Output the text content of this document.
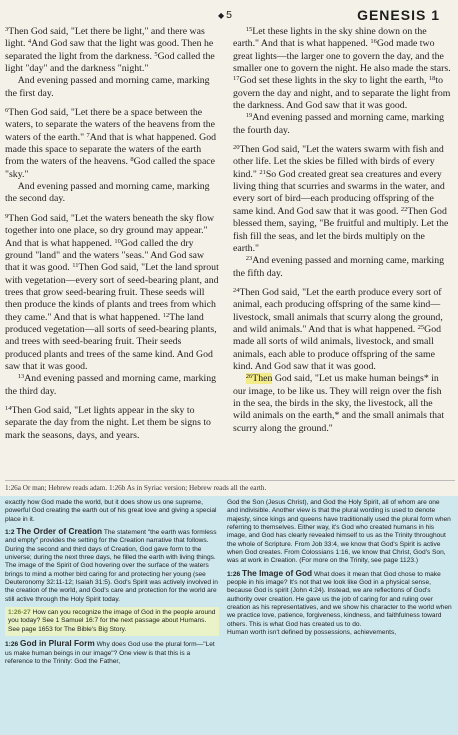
◆ 5	GENESIS 1

$^3$Then God said, "Let there be light," and there was light. $^4$And God saw that the light was good. Then he separated the light from the darkness. $^5$God called the light "day" and the darkness "night."

And evening passed and morning came, marking the first day.

$^6$Then God said, "Let there be a space between the waters, to separate the waters of the heavens from the waters of the earth." $^7$And that is what happened. God made this space to separate the waters of the earth from the waters of the heavens. $^8$God called the space "sky."

And evening passed and morning came, marking the second day.

$^9$Then God said, "Let the waters beneath the sky flow together into one place, so dry ground may appear." And that is what happened. $^{10}$God called the dry ground "land" and the waters "seas." And God saw that it was good. $^{11}$Then God said, "Let the land sprout with vegetation—every sort of seed-bearing plant, and trees that grow seed-bearing fruit. These seeds will then produce the kinds of plants and trees from which they came." And that is what happened. $^{12}$The land produced vegetation—all sorts of seed-bearing plants, and trees with seed-bearing fruit. Their seeds produced plants and trees of the same kind. And God saw that it was good.

$^{13}$And evening passed and morning came, marking the third day.

$^{14}$Then God said, "Let lights appear in the sky to separate the day from the night. Let them be signs to mark the seasons, days, and years.

$^{15}$Let these lights in the sky shine down on the earth." And that is what happened. $^{16}$God made two great lights—the larger one to govern the day, and the smaller one to govern the night. He also made the stars. $^{17}$God set these lights in the sky to light the earth, $^{18}$to govern the day and night, and to separate the light from the darkness. And God saw that it was good.

$^{19}$And evening passed and morning came, marking the fourth day.

$^{20}$Then God said, "Let the waters swarm with fish and other life. Let the skies be filled with birds of every kind." $^{21}$So God created great sea creatures and every living thing that scurries and swarms in the water, and every sort of bird—each producing offspring of the same kind. And God saw that it was good. $^{22}$Then God blessed them, saying, "Be fruitful and multiply. Let the fish fill the seas, and let the birds multiply on the earth."

$^{23}$And evening passed and morning came, marking the fifth day.

$^{24}$Then God said, "Let the earth produce every sort of animal, each producing offspring of the same kind—livestock, small animals that scurry along the ground, and wild animals." And that is what happened. $^{25}$God made all sorts of wild animals, livestock, and small animals, each able to produce offspring of the same kind. And God saw that it was good.

$^{26}$Then God said, "Let us make human beings* in our image, to be like us. They will reign over the fish in the sea, the birds in the sky, the livestock, all the wild animals on the earth,* and the small animals that scurry along the ground."

1:26a Or man; Hebrew reads adam. 1:26b As in Syriac version; Hebrew reads all the earth.

exactly how God made the world, but it does show us one supreme, powerful God creating the earth out of his great love and giving a special place in it.

1:2 The Order of Creation The statement "the earth was formless and empty" provides the setting for the Creation narrative that follows. During the second and third days of Creation, God gave form to the universe; during the next three days, he filled the earth with living things. The image of the Spirit of God hovering over the surface of the waters brings to mind a mother bird caring for and protecting her young (see Deuteronomy 32:11-12; Isaiah 31:5). God's Spirit was actively involved in the creation of the world, and God's care and protection for the world are still active through the Holy Spirit today.

1:26-27 How can you recognize the image of God in the people around you today? See 1 Samuel 16:7 for the next passage about Humans. See page 1653 for The Bible's Big Story.

1:26 God in Plural Form Why does God use the plural form—"Let us make human beings in our image"? One view is that this is a reference to the Trinity: God the Father,

God the Son (Jesus Christ), and God the Holy Spirit, all of whom are one and indivisible. Another view is that the plural wording is used to denote majesty, since kings and queens have traditionally used the plural form when referring to themselves. Either way, it's God who created humans in his image, and God has clearly revealed himself to us as the Trinity throughout the whole of Scripture. From Job 33:4, we know that God's Spirit is active when God creates. From Colossians 1:16, we know that Christ, God's Son, was at work in Creation. (For more on the Trinity, see page 1123.)

1:26 The Image of God What does it mean that God chose to make people in his image? It's not that we look like God in a physical sense, because God is spirit (John 4:24). Instead, we are reflections of God's authority over creation. He gave us the job of caring for and ruling over creation as his representatives, and we show his character to the world when we practice love, patience, forgiveness, kindness, and faithfulness toward others. This is what God has created us to do.

Human worth isn't defined by possessions, achievements,
